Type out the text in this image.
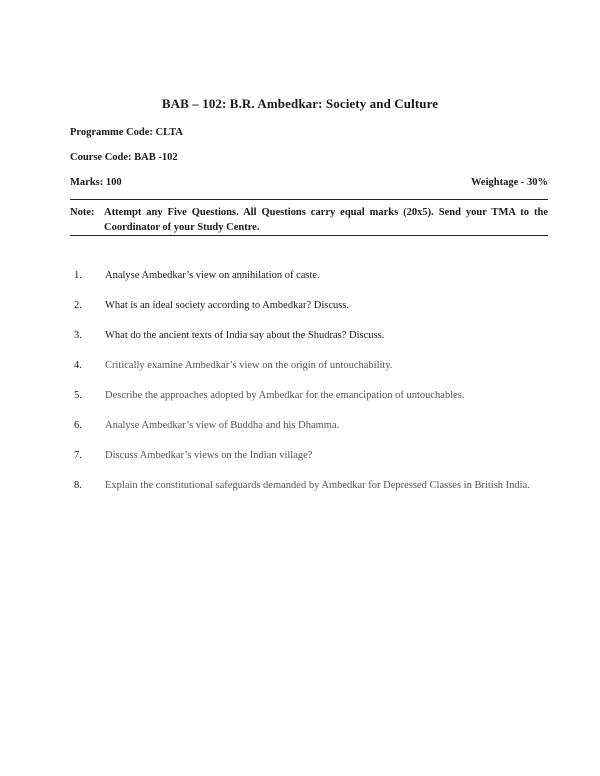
BAB – 102: B.R. Ambedkar: Society and Culture
Programme Code: CLTA
Course Code: BAB -102
Marks: 100	Weightage - 30%
Note: Attempt any Five Questions. All Questions carry equal marks (20x5). Send your TMA to the Coordinator of your Study Centre.
1.	Analyse Ambedkar’s view on annihilation of caste.
2.	What is an ideal society according to Ambedkar? Discuss.
3.	What do the ancient texts of India say about the Shudras? Discuss.
4.	Critically examine Ambedkar’s view on the origin of untouchability.
5.	Describe the approaches adopted by Ambedkar for the emancipation of untouchables.
6.	Analyse Ambedkar’s view of Buddha and his Dhamma.
7.	Discuss Ambedkar’s views on the Indian village?
8.	Explain the constitutional safeguards demanded by Ambedkar for Depressed Classes in British India.
